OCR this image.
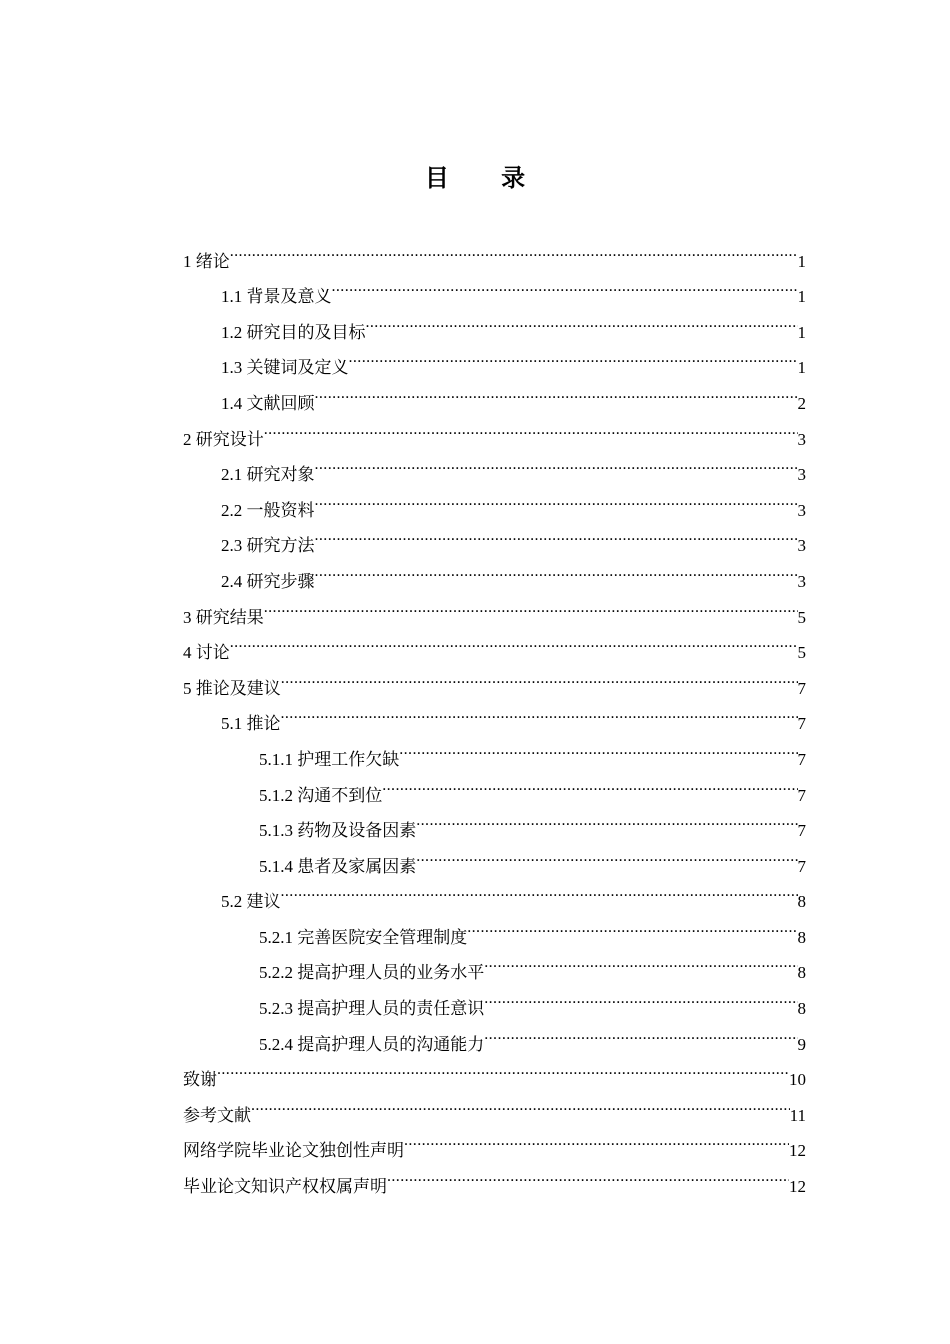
目 录
1 绪论 .....	1
1.1 背景及意义 .....	1
1.2 研究目的及目标 .....	1
1.3 关键词及定义 .....	1
1.4 文献回顾 .....	2
2 研究设计 .....	3
2.1 研究对象 .....	3
2.2 一般资料 .....	3
2.3 研究方法 .....	3
2.4 研究步骤 .....	3
3 研究结果 .....	5
4 讨论 .....	5
5 推论及建议 .....	7
5.1 推论 .....	7
5.1.1 护理工作欠缺 .....	7
5.1.2 沟通不到位 .....	7
5.1.3 药物及设备因素 .....	7
5.1.4 患者及家属因素 .....	7
5.2 建议 .....	8
5.2.1 完善医院安全管理制度 .....	8
5.2.2 提高护理人员的业务水平 .....	8
5.2.3 提高护理人员的责任意识 .....	8
5.2.4 提高护理人员的沟通能力 .....	9
致谢 .....	10
参考文献 .....	11
网络学院毕业论文独创性声明 .....	12
毕业论文知识产权权属声明 .....	12
